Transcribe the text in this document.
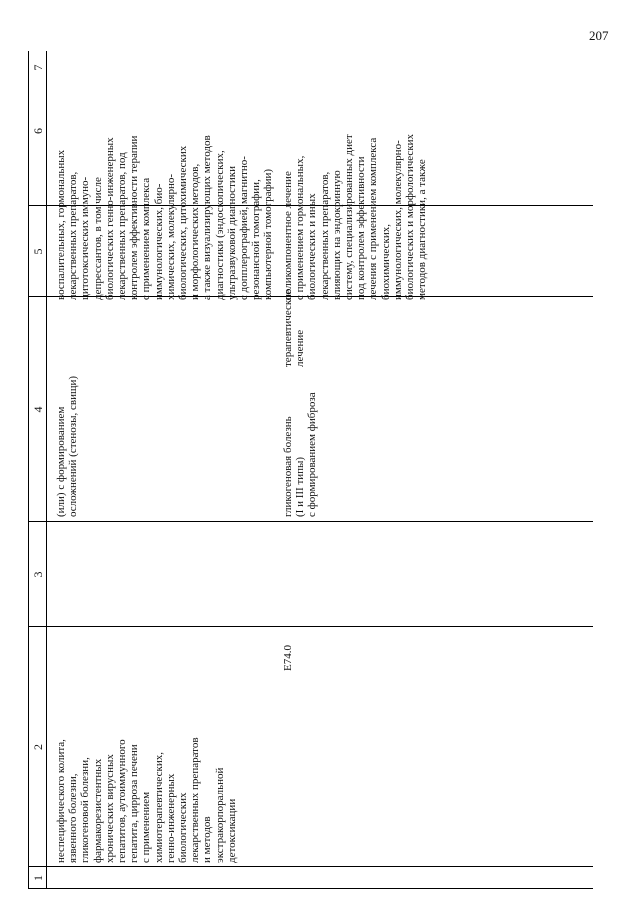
207
1
2
3
4
5
6
7
неспецифического колита,
язвенного болезни,
гликогеновой болезни,
фармакорезистентных
хронических вирусных
гепатитов, аутоиммунного
гепатита, цирроза печени
с применением
химиотерапевтических,
генно-инженерных
биологических
лекарственных препаратов
и методов
экстракорпоральной
детоксикации
(или) с формированием
осложнений (стенозы, свищи)
воспалительных, гормональных
лекарственных препаратов,
цитотоксических иммуно-
депрессантов, в том числе
биологических генно-инженерных
лекарственных препаратов, под
контролем эффективности терапии
с применением комплекса
иммунологических, био-
химических, молекулярно-
биологических, цитохимических
и морфологических методов,
а также визуализирующих методов
диагностики (эндоскопических,
ультразвуковой диагностики
с допплерографией, магнитно-
резонансной томографии,
компьютерной томографии)
E74.0
гликогеновая болезнь
(I и III типы)
с формированием фиброза
терапевтическое
лечение
поликомпонентное лечение
с применением гормональных,
биологических и иных
лекарственных препаратов,
влияющих на эндокринную
систему, специализированных диет
под контролем эффективности
лечения с применением комплекса
биохимических,
иммунологических, молекулярно-
биологических и морфологических
методов диагностики, а также
